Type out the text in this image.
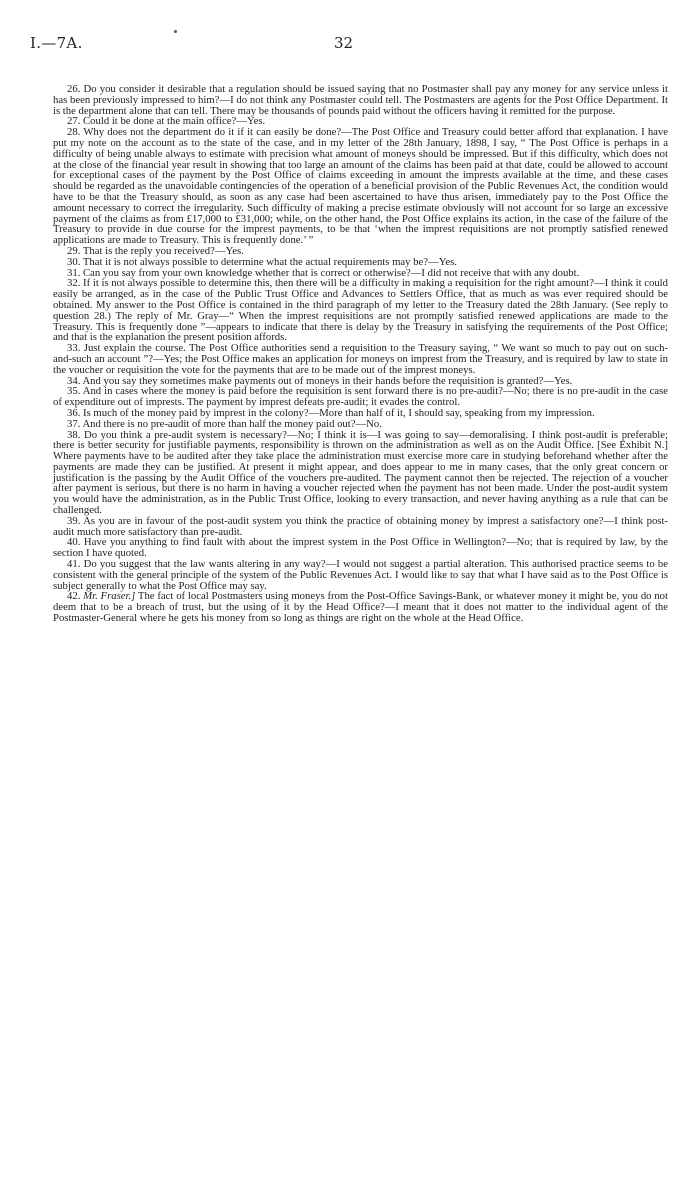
I.—7A.	32

26. Do you consider it desirable that a regulation should be issued saying that no Postmaster shall pay any money for any service unless it has been previously impressed to him?—I do not think any Postmaster could tell. The Postmasters are agents for the Post Office Department. It is the department alone that can tell. There may be thousands of pounds paid without the officers having it remitted for the purpose.

27. Could it be done at the main office?—Yes.

28. Why does not the department do it if it can easily be done?—The Post Office and Treasury could better afford that explanation. I have put my note on the account as to the state of the case, and in my letter of the 28th January, 1898, I say, “ The Post Office is perhaps in a difficulty of being unable always to estimate with precision what amount of moneys should be impressed. But if this difficulty, which does not at the close of the financial year result in showing that too large an amount of the claims has been paid at that date, could be allowed to account for exceptional cases of the payment by the Post Office of claims exceeding in amount the imprests available at the time, and these cases should be regarded as the unavoidable contingencies of the operation of a beneficial provision of the Public Revenues Act, the condition would have to be that the Treasury should, as soon as any case had been ascertained to have thus arisen, immediately pay to the Post Office the amount necessary to correct the irregularity. Such difficulty of making a precise estimate obviously will not account for so large an excessive payment of the claims as from £17,000 to £31,000; while, on the other hand, the Post Office explains its action, in the case of the failure of the Treasury to provide in due course for the imprest payments, to be that ‘when the imprest requisitions are not promptly satisfied renewed applications are made to Treasury. This is frequently done.’ ”

29. That is the reply you received?—Yes.

30. That it is not always possible to determine what the actual requirements may be?—Yes.

31. Can you say from your own knowledge whether that is correct or otherwise?—I did not receive that with any doubt.

32. If it is not always possible to determine this, then there will be a difficulty in making a requisition for the right amount?—I think it could easily be arranged, as in the case of the Public Trust Office and Advances to Settlers Office, that as much as was ever required should be obtained. My answer to the Post Office is contained in the third paragraph of my letter to the Treasury dated the 28th January. (See reply to question 28.) The reply of Mr. Gray—“ When the imprest requisitions are not promptly satisfied renewed applications are made to the Treasury. This is frequently done ”—appears to indicate that there is delay by the Treasury in satisfying the requirements of the Post Office; and that is the explanation the present position affords.

33. Just explain the course. The Post Office authorities send a requisition to the Treasury saying, “ We want so much to pay out on such-and-such an account ”?—Yes; the Post Office makes an application for moneys on imprest from the Treasury, and is required by law to state in the voucher or requisition the vote for the payments that are to be made out of the imprest moneys.

34. And you say they sometimes make payments out of moneys in their hands before the requisition is granted?—Yes.

35. And in cases where the money is paid before the requisition is sent forward there is no pre-audit?—No; there is no pre-audit in the case of expenditure out of imprests. The payment by imprest defeats pre-audit; it evades the control.

36. Is much of the money paid by imprest in the colony?—More than half of it, I should say, speaking from my impression.

37. And there is no pre-audit of more than half the money paid out?—No.

38. Do you think a pre-audit system is necessary?—No; I think it is—I was going to say—demoralising. I think post-audit is preferable; there is better security for justifiable payments, responsibility is thrown on the administration as well as on the Audit Office. [See Exhibit N.] Where payments have to be audited after they take place the administration must exercise more care in studying beforehand whether after the payments are made they can be justified. At present it might appear, and does appear to me in many cases, that the only great concern or justification is the passing by the Audit Office of the vouchers pre-audited. The payment cannot then be rejected. The rejection of a voucher after payment is serious, but there is no harm in having a voucher rejected when the payment has not been made. Under the post-audit system you would have the administration, as in the Public Trust Office, looking to every transaction, and never having anything as a rule that can be challenged.

39. As you are in favour of the post-audit system you think the practice of obtaining money by imprest a satisfactory one?—I think post-audit much more satisfactory than pre-audit.

40. Have you anything to find fault with about the imprest system in the Post Office in Wellington?—No; that is required by law, by the section I have quoted.

41. Do you suggest that the law wants altering in any way?—I would not suggest a partial alteration. This authorised practice seems to be consistent with the general principle of the system of the Public Revenues Act. I would like to say that what I have said as to the Post Office is subject generally to what the Post Office may say.

42. Mr. Fraser.] The fact of local Postmasters using moneys from the Post-Office Savings-Bank, or whatever money it might be, you do not deem that to be a breach of trust, but the using of it by the Head Office?—I meant that it does not matter to the individual agent of the Postmaster-General where he gets his money from so long as things are right on the whole at the Head Office.
